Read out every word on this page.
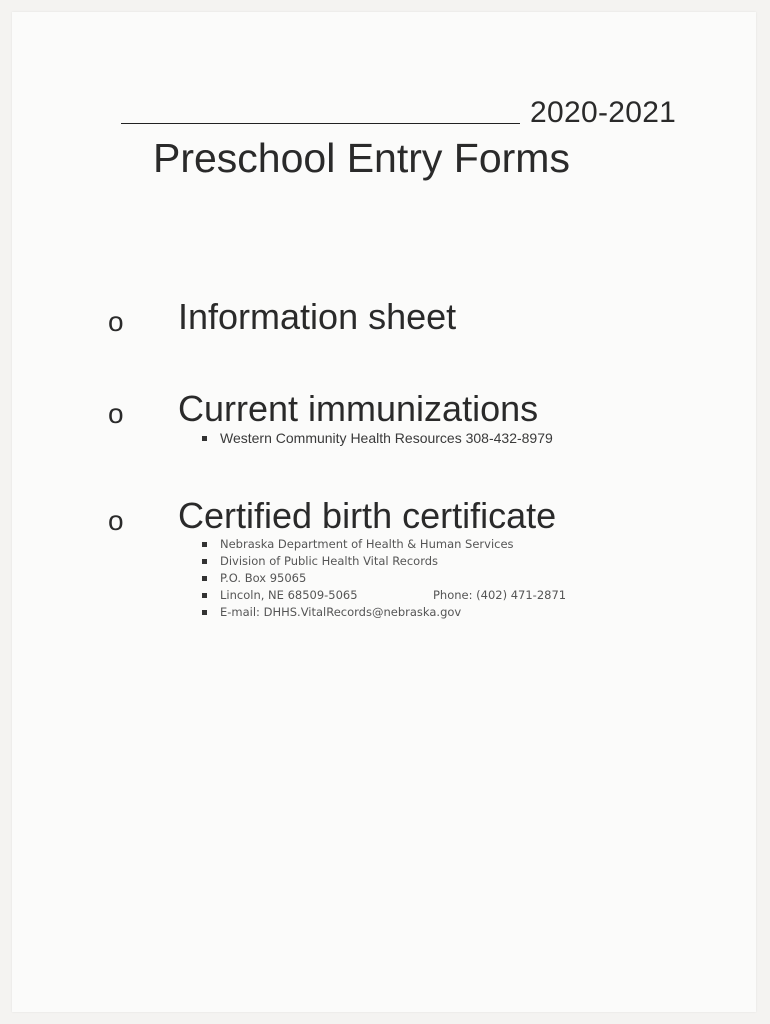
2020-2021
Preschool Entry Forms
o Information sheet
o Current immunizations
Western Community Health Resources 308-432-8979
o Certified birth certificate
Nebraska Department of Health & Human Services
Division of Public Health Vital Records
P.O. Box 95065
Lincoln, NE 68509-5065	Phone: (402) 471-2871
E-mail: DHHS.VitalRecords@nebraska.gov
